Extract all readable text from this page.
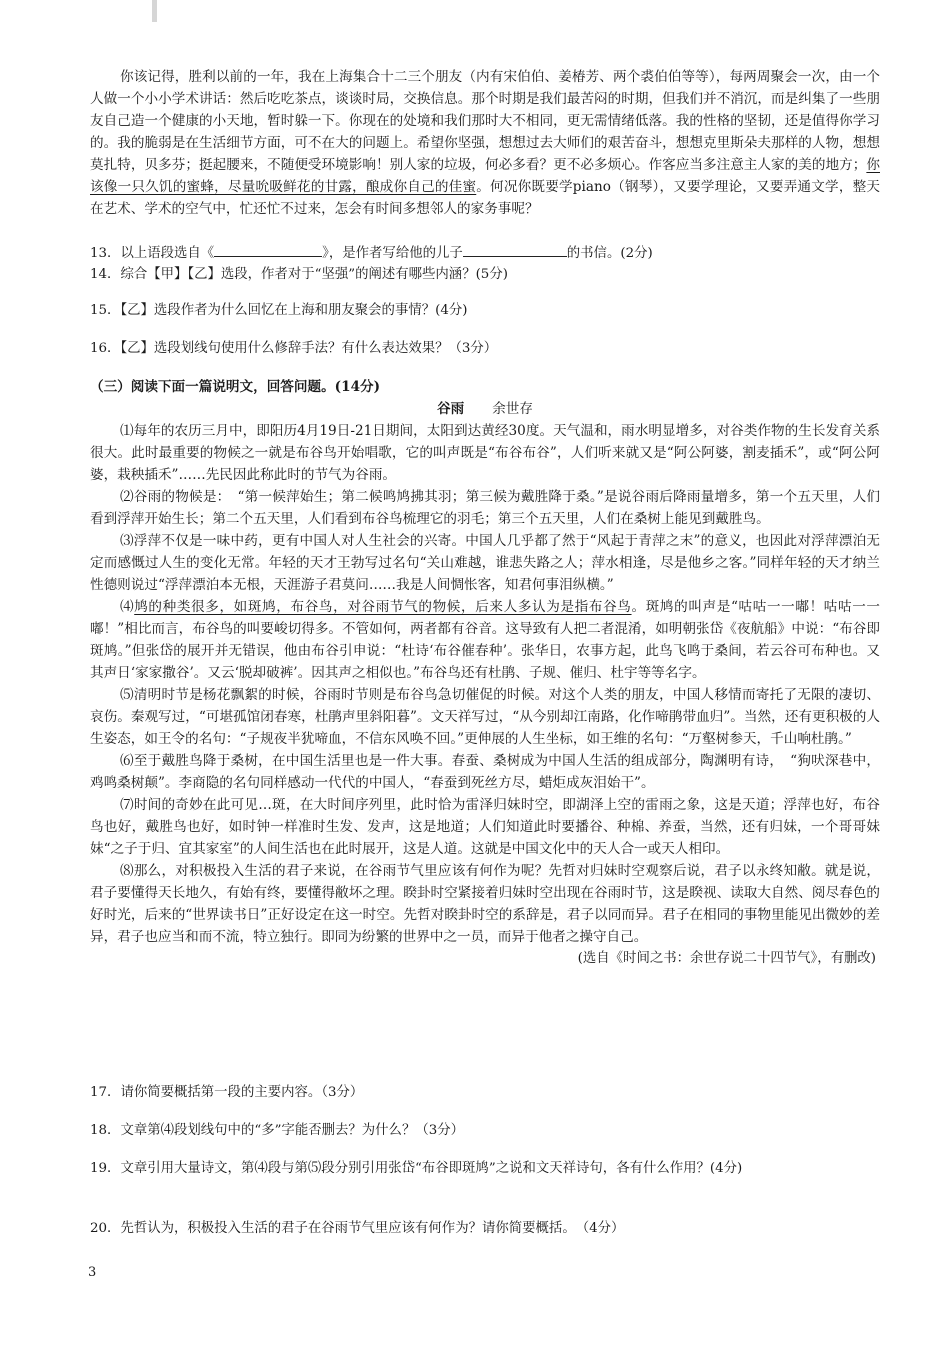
你该记得，胜利以前的一年，我在上海集合十二三个朋友（内有宋伯伯、姜椿芳、两个裘伯伯等等），每两周聚会一次，由一个人做一个小小学术讲话：然后吃吃茶点，谈谈时局，交换信息。那个时期是我们最苦闷的时期，但我们并不消沉，而是纠集了一些朋友自己造一个健康的小天地，暂时躲一下。你现在的处境和我们那时大不相同，更无需情绪低落。我的性格的坚韧，还是值得你学习的。我的脆弱是在生活细节方面，可不在大的问题上。希望你坚强，想想过去大师们的艰苦奋斗，想想克里斯朵夫那样的人物，想想莫扎特，贝多芬；挺起腰来，不随便受环境影响！别人家的垃圾，何必多看？更不必多烦心。作客应当多注意主人家的美的地方；你该像一只久饥的蜜蜂，尽量吮吸鲜花的甘露，酿成你自己的佳蜜。何况你既要学piano（钢琴），又要学理论，又要弄通文学，整天在艺术、学术的空气中，忙还忙不过来，怎会有时间多想邻人的家务事呢？

13．以上语段选自《	》，是作者写给他的儿子	的书信。(2分)

14．综合【甲】【乙】选段，作者对于“坚强”的阐述有哪些内涵？(5分)

15．【乙】选段作者为什么回忆在上海和朋友聚会的事情？(4分)

16．【乙】选段划线句使用什么修辞手法？有什么表达效果？（3分）

（三）阅读下面一篇说明文，回答问题。(14分)

谷雨 余世存

⑴每年的农历三月中，即阳历4月19日-21日期间，太阳到达黄经30度。天气温和，雨水明显增多，对谷类作物的生长发育关系很大。此时最重要的物候之一就是布谷鸟开始唱歌，它的叫声既是“布谷布谷”，人们听来就又是“阿公阿婆，割麦插禾”，或“阿公阿婆，栽秧插禾”……先民因此称此时的节气为谷雨。

⑵谷雨的物候是：　“第一候萍始生；第二候鸣鸠拂其羽；第三候为戴胜降于桑。”是说谷雨后降雨量增多，第一个五天里，人们看到浮萍开始生长；第二个五天里，人们看到布谷鸟梳理它的羽毛；第三个五天里，人们在桑树上能见到戴胜鸟。

⑶浮萍不仅是一味中药，更有中国人对人生社会的兴寄。中国人几乎都了然于“风起于青萍之末”的意义，也因此对浮萍漂泊无定而感慨过人生的变化无常。年轻的天才王勃写过名句“关山难越，谁悲失路之人；萍水相逢，尽是他乡之客。”同样年轻的天才纳兰性德则说过“浮萍漂泊本无根，天涯游子君莫问……我是人间惆怅客，知君何事泪纵横。”

⑷鸠的种类很多，如斑鸠，布谷鸟，对谷雨节气的物候，后来人多认为是指布谷鸟。斑鸠的叫声是“咕咕一一嘟！咕咕一一嘟！”相比而言，布谷鸟的叫要峻切得多。不管如何，两者都有谷音。这导致有人把二者混淆，如明朝张岱《夜航船》中说：“布谷即斑鸠。”但张岱的展开并无错误，他由布谷引申说：“杜诗‘布谷催春种’。张华日，农事方起，此鸟飞鸣于桑间，若云谷可布种也。又其声日‘家家撒谷’。又云‘脱却破裤’。因其声之相似也。”布谷鸟还有杜鹃、子规、催归、杜宇等等名字。

⑸清明时节是杨花飘絮的时候，谷雨时节则是布谷鸟急切催促的时候。对这个人类的朋友，中国人移情而寄托了无限的凄切、哀伤。秦观写过，“可堪孤馆闭春寒，杜鹃声里斜阳暮”。文天祥写过，“从今别却江南路，化作啼鹃带血归”。当然，还有更积极的人生姿态，如王令的名句：“子规夜半犹啼血，不信东风唤不回。”更伸展的人生坐标，如王维的名句：“万壑树参天，千山响杜鹃。”

⑹至于戴胜鸟降于桑树，在中国生活里也是一件大事。春蚕、桑树成为中国人生活的组成部分，陶渊明有诗，　“狗吠深巷中，鸡鸣桑树颠”。李商隐的名句同样感动一代代的中国人，“春蚕到死丝方尽，蜡炬成灰泪始干”。

⑺时间的奇妙在此可见…斑，在大时间序列里，此时恰为雷泽归妹时空，即湖泽上空的雷雨之象，这是天道；浮萍也好，布谷鸟也好，戴胜鸟也好，如时钟一样准时生发、发声，这是地道；人们知道此时要播谷、种棉、养蚕，当然，还有归妹，一个哥哥妹妹“之子于归、宜其家室”的人间生活也在此时展开，这是人道。这就是中国文化中的天人合一或天人相印。

⑻那么，对积极投入生活的君子来说，在谷雨节气里应该有何作为呢？先哲对归妹时空观察后说，君子以永终知敝。就是说，君子要懂得天长地久，有始有终，要懂得敝坏之理。睽卦时空紧接着归妹时空出现在谷雨时节，这是睽视、读取大自然、阅尽春色的好时光，后来的“世界读书日”正好设定在这一时空。先哲对睽卦时空的系辞是，君子以同而异。君子在相同的事物里能见出微妙的差异，君子也应当和而不流，特立独行。即同为纷繁的世界中之一员，而异于他者之操守自己。

(选自《时间之书：余世存说二十四节气》，有删改)

17．请你简要概括第一段的主要内容。（3分）

18．文章第⑷段划线句中的“多”字能否删去？为什么？（3分）

19．文章引用大量诗文，第⑷段与第⑸段分别引用张岱“布谷即斑鸠”之说和文天祥诗句，各有什么作用？(4分)

20．先哲认为，积极投入生活的君子在谷雨节气里应该有何作为？请你简要概括。　（4分）

3
